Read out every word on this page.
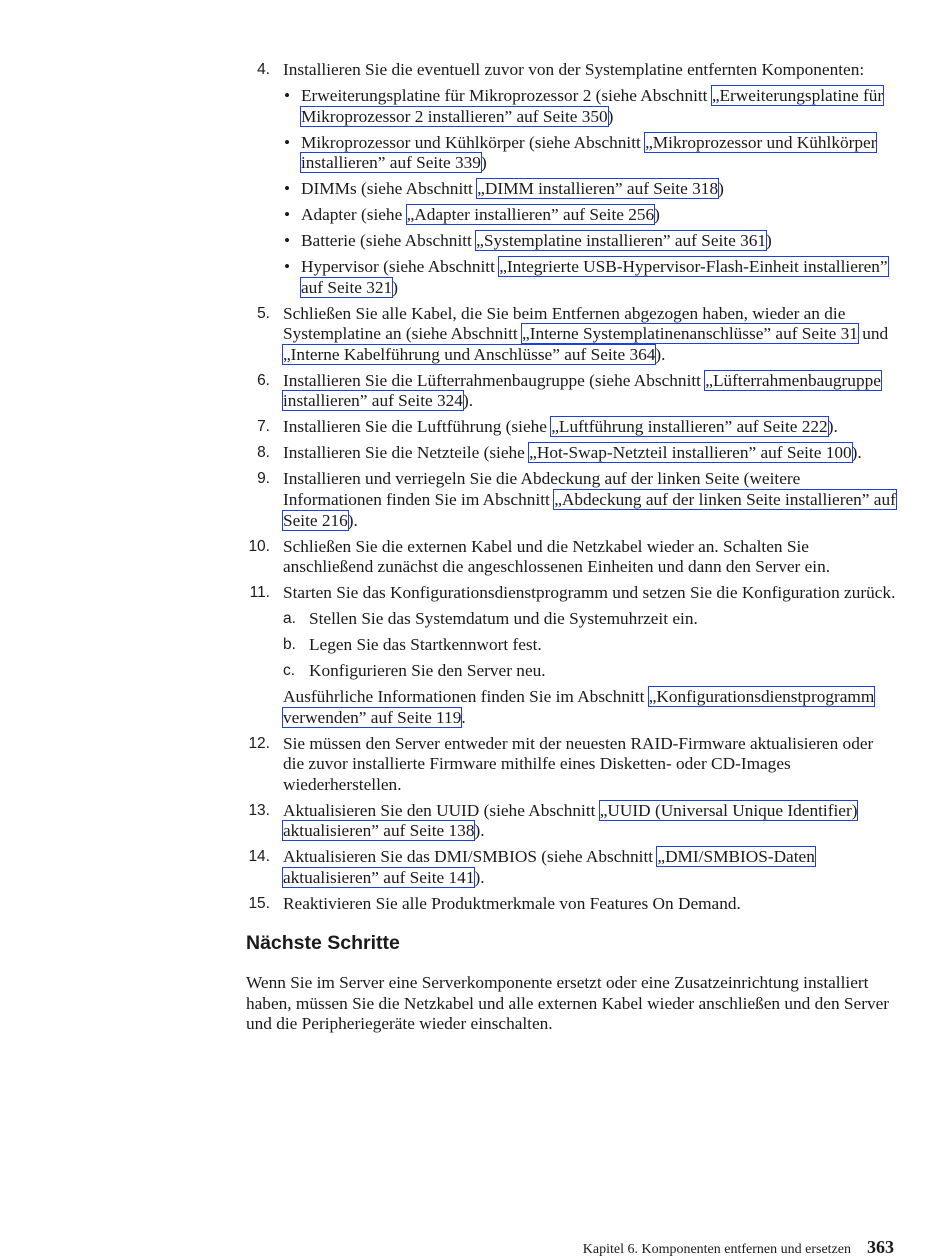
4. Installieren Sie die eventuell zuvor von der Systemplatine entfernten Komponenten:
• Erweiterungsplatine für Mikroprozessor 2 (siehe Abschnitt „Erweiterungsplatine für Mikroprozessor 2 installieren” auf Seite 350)
• Mikroprozessor und Kühlkörper (siehe Abschnitt „Mikroprozessor und Kühlkörper installieren” auf Seite 339)
• DIMMs (siehe Abschnitt „DIMM installieren” auf Seite 318)
• Adapter (siehe „Adapter installieren” auf Seite 256)
• Batterie (siehe Abschnitt „Systemplatine installieren” auf Seite 361)
• Hypervisor (siehe Abschnitt „Integrierte USB-Hypervisor-Flash-Einheit installieren” auf Seite 321)
5. Schließen Sie alle Kabel, die Sie beim Entfernen abgezogen haben, wieder an die Systemplatine an (siehe Abschnitt „Interne Systemplatinenanschlüsse” auf Seite 31 und „Interne Kabelführung und Anschlüsse” auf Seite 364).
6. Installieren Sie die Lüfterrahmenbaugruppe (siehe Abschnitt „Lüfterrahmenbaugruppe installieren” auf Seite 324).
7. Installieren Sie die Luftführung (siehe „Luftführung installieren” auf Seite 222).
8. Installieren Sie die Netzteile (siehe „Hot-Swap-Netzteil installieren” auf Seite 100).
9. Installieren und verriegeln Sie die Abdeckung auf der linken Seite (weitere Informationen finden Sie im Abschnitt „Abdeckung auf der linken Seite installieren” auf Seite 216).
10. Schließen Sie die externen Kabel und die Netzkabel wieder an. Schalten Sie anschließend zunächst die angeschlossenen Einheiten und dann den Server ein.
11. Starten Sie das Konfigurationsdienstprogramm und setzen Sie die Konfiguration zurück.
a. Stellen Sie das Systemdatum und die Systemuhrzeit ein.
b. Legen Sie das Startkennwort fest.
c. Konfigurieren Sie den Server neu.
Ausführliche Informationen finden Sie im Abschnitt „Konfigurationsdienstprogramm verwenden” auf Seite 119.
12. Sie müssen den Server entweder mit der neuesten RAID-Firmware aktualisieren oder die zuvor installierte Firmware mithilfe eines Disketten- oder CD-Images wiederherstellen.
13. Aktualisieren Sie den UUID (siehe Abschnitt „UUID (Universal Unique Identifier) aktualisieren” auf Seite 138).
14. Aktualisieren Sie das DMI/SMBIOS (siehe Abschnitt „DMI/SMBIOS-Daten aktualisieren” auf Seite 141).
15. Reaktivieren Sie alle Produktmerkmale von Features On Demand.
Nächste Schritte

Wenn Sie im Server eine Serverkomponente ersetzt oder eine Zusatzeinrichtung installiert haben, müssen Sie die Netzkabel und alle externen Kabel wieder anschließen und den Server und die Peripheriegeräte wieder einschalten.

Kapitel 6. Komponenten entfernen und ersetzen 363
